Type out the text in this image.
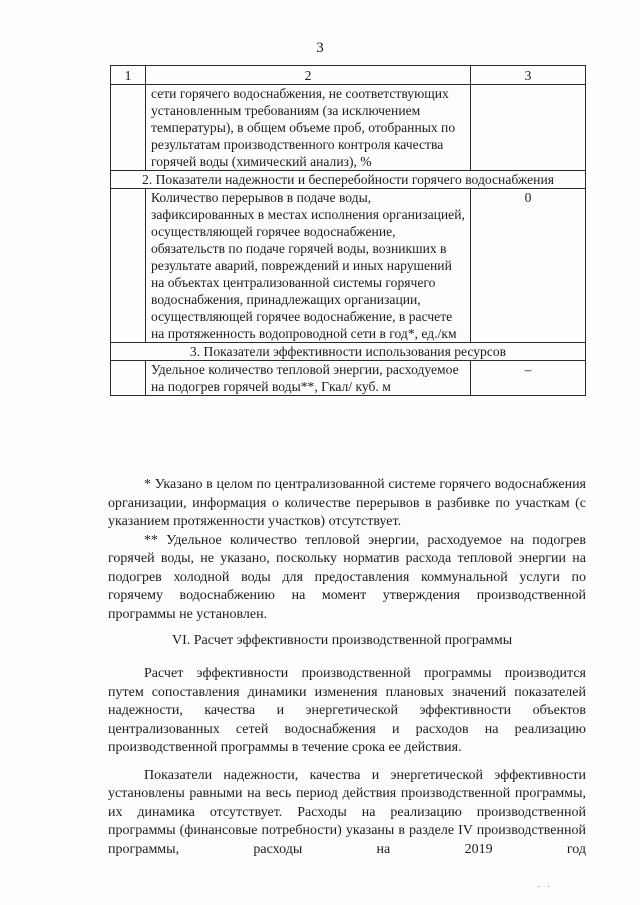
3
1	2	3
	сети горячего водоснабжения, не соответствующих установленным требованиям (за исключением температуры), в общем объеме проб, отобранных по результатам производственного контроля качества горячей воды (химический анализ), %	
2. Показатели надежности и бесперебойности горячего водоснабжения		
	Количество перерывов в подаче воды, зафиксированных в местах исполнения организацией, осуществляющей горячее водоснабжение, обязательств по подаче горячей воды, возникших в результате аварий, повреждений и иных нарушений на объектах централизованной системы горячего водоснабжения, принадлежащих организации, осуществляющей горячее водоснабжение, в расчете на протяженность водопроводной сети в год*, ед./км	0
3. Показатели эффективности использования ресурсов		
	Удельное количество тепловой энергии, расходуемое на подогрев горячей воды**, Гкал/ куб. м	–

* Указано в целом по централизованной системе горячего водоснабжения организации, информация о количестве перерывов в разбивке по участкам (с указанием протяженности участков) отсутствует.

** Удельное количество тепловой энергии, расходуемое на подогрев горячей воды, не указано, поскольку норматив расхода тепловой энергии на подогрев холодной воды для предоставления коммунальной услуги по горячему водоснабжению на момент утверждения производственной программы не установлен.

VI. Расчет эффективности производственной программы

Расчет эффективности производственной программы производится путем сопоставления динамики изменения плановых значений показателей надежности, качества и энергетической эффективности объектов централизованных сетей водоснабжения и расходов на реализацию производственной программы в течение срока ее действия.

Показатели надежности, качества и энергетической эффективности установлены равными на весь период действия производственной программы, их динамика отсутствует. Расходы на реализацию производственной программы (финансовые потребности) указаны в разделе IV производственной программы, расходы на 2019 год

· ·
